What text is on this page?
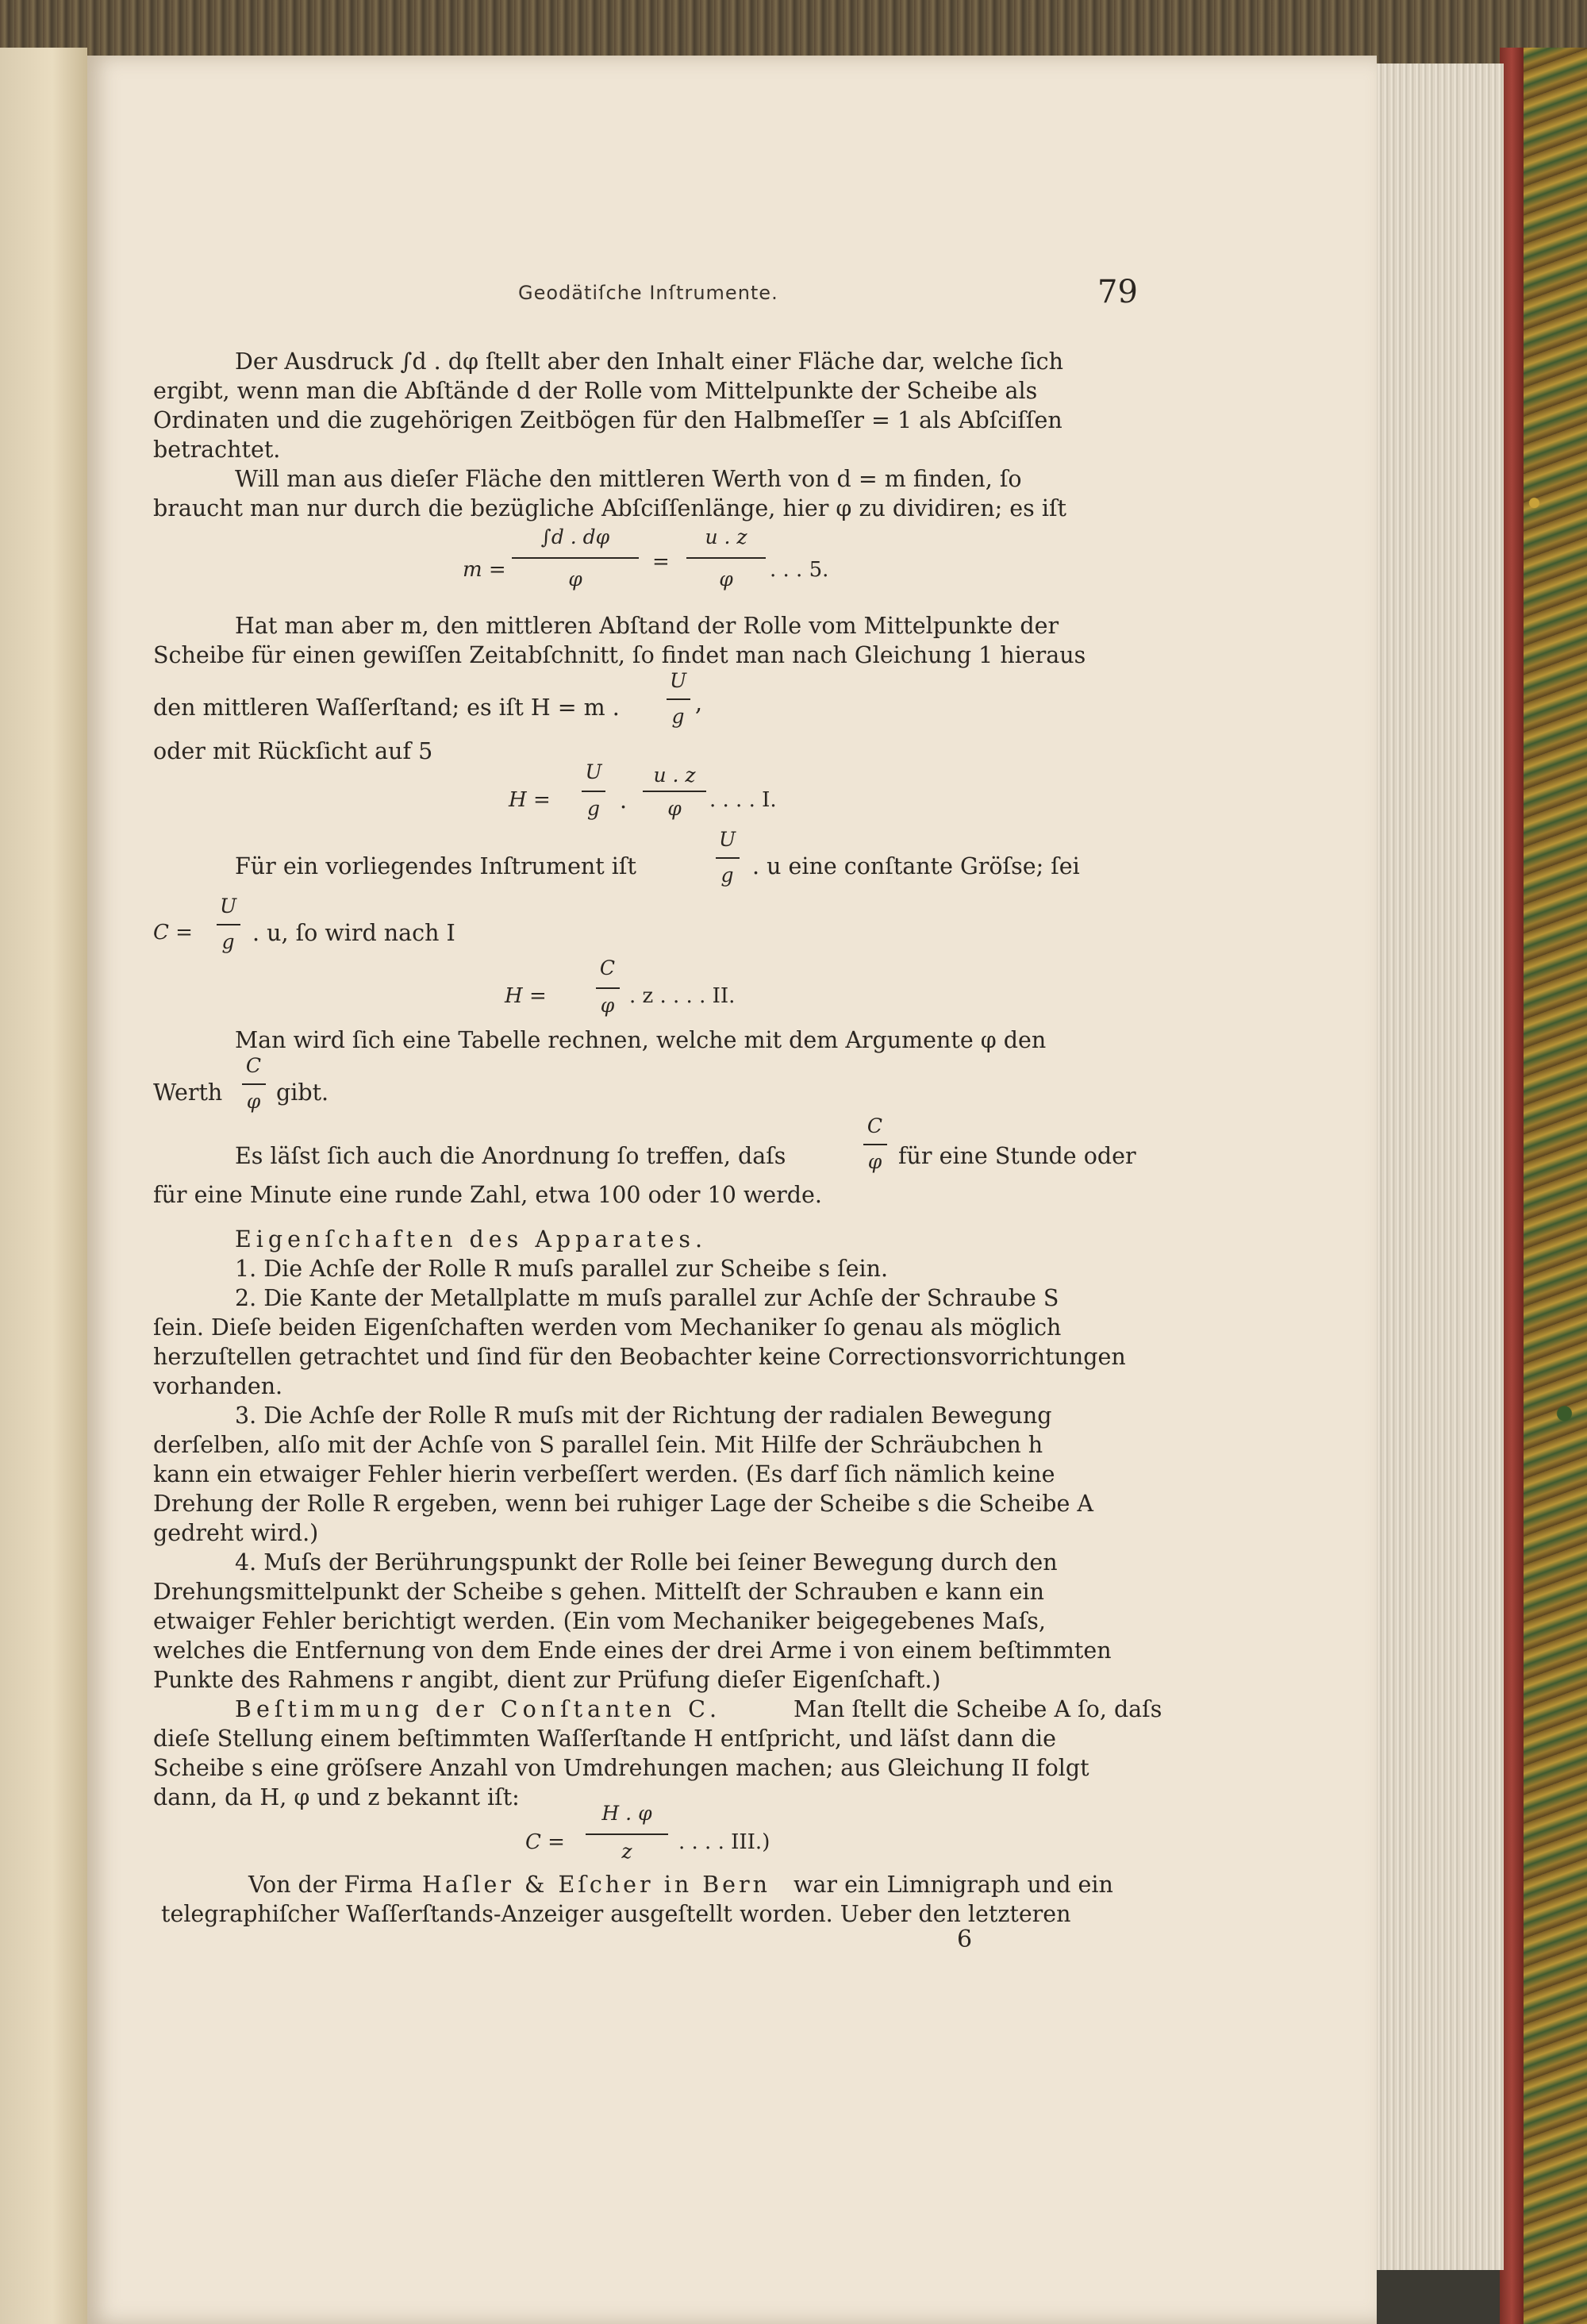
Geodätiſche Inſtrumente.	79
Der Ausdruck ∫d . dφ ſtellt aber den Inhalt einer Fläche dar, welche ſich
ergibt, wenn man die Abſtände d der Rolle vom Mittelpunkte der Scheibe als
Ordinaten und die zugehörigen Zeitbögen für den Halbmeſſer = 1 als Abſciſſen
betrachtet.
Will man aus dieſer Fläche den mittleren Werth von d = m finden, ſo
braucht man nur durch die bezügliche Abſciſſenlänge, hier φ zu dividiren; es iſt
m =
∫d . dφ
φ
=
u . z
φ	. . . 5.
Hat man aber m, den mittleren Abſtand der Rolle vom Mittelpunkte der
Scheibe für einen gewiſſen Zeitabſchnitt, ſo findet man nach Gleichung 1 hieraus
den mittleren Waſſerſtand; es iſt H = m .
U
g
,
oder mit Rückſicht auf 5
H =
U
g .
u . z
φ	. . . . I.
Für ein vorliegendes Inſtrument iſt
U
g . u eine conſtante Gröſse; ſei
C =
U
g . u, ſo wird nach I
H =
C
φ . z . . . . II.
Man wird ſich eine Tabelle rechnen, welche mit dem Argumente φ den
Werth
C
φ gibt.
Es läſst ſich auch die Anordnung ſo treffen, daſs
C
φ für eine Stunde oder
für eine Minute eine runde Zahl, etwa 100 oder 10 werde.
Eigenſchaften des Apparates.
1. Die Achſe der Rolle R muſs parallel zur Scheibe s ſein.
2. Die Kante der Metallplatte m muſs parallel zur Achſe der Schraube S
ſein. Dieſe beiden Eigenſchaften werden vom Mechaniker ſo genau als möglich
herzuſtellen getrachtet und ſind für den Beobachter keine Correctionsvorrichtungen
vorhanden.
3. Die Achſe der Rolle R muſs mit der Richtung der radialen Bewegung
derſelben, alſo mit der Achſe von S parallel ſein. Mit Hilfe der Schräubchen h
kann ein etwaiger Fehler hierin verbeſſert werden. (Es darf ſich nämlich keine
Drehung der Rolle R ergeben, wenn bei ruhiger Lage der Scheibe s die Scheibe A
gedreht wird.)
4. Muſs der Berührungspunkt der Rolle bei ſeiner Bewegung durch den
Drehungsmittelpunkt der Scheibe s gehen. Mittelſt der Schrauben e kann ein
etwaiger Fehler berichtigt werden. (Ein vom Mechaniker beigegebenes Maſs,
welches die Entfernung von dem Ende eines der drei Arme i von einem beſtimmten
Punkte des Rahmens r angibt, dient zur Prüfung dieſer Eigenſchaft.)
Beſtimmung der Conſtanten C.	Man ſtellt die Scheibe A ſo, daſs
dieſe Stellung einem beſtimmten Waſſerſtande H entſpricht, und läſst dann die
Scheibe s eine gröſsere Anzahl von Umdrehungen machen; aus Gleichung II folgt
dann, da H, φ und z bekannt iſt:
C =
H . φ
z	. . . . III.)
Von der Firma Haſler & Eſcher in Bern war ein Limnigraph und ein
telegraphiſcher Waſſerſtands-Anzeiger ausgeſtellt worden. Ueber den letzteren
6
